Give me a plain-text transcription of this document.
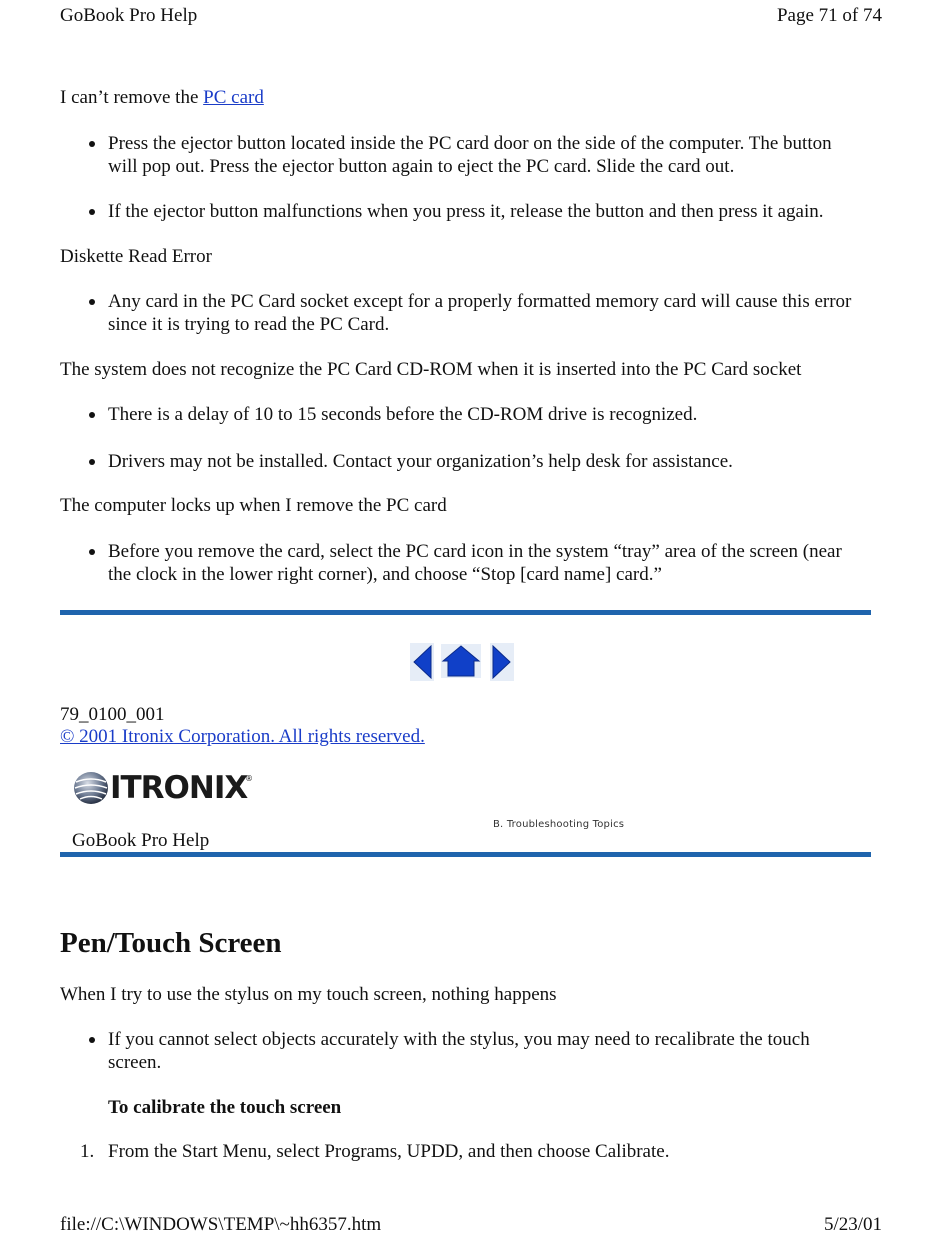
GoBook Pro Help	Page 71 of 74
I can’t remove the PC card
Press the ejector button located inside the PC card door on the side of the computer. The button
will pop out. Press the ejector button again to eject the PC card. Slide the card out.
If the ejector button malfunctions when you press it, release the button and then press it again.
Diskette Read Error
Any card in the PC Card socket except for a properly formatted memory card will cause this error
since it is trying to read the PC Card.
The system does not recognize the PC Card CD-ROM when it is inserted into the PC Card socket
There is a delay of 10 to 15 seconds before the CD-ROM drive is recognized.
Drivers may not be installed. Contact your organization’s help desk for assistance.
The computer locks up when I remove the PC card
Before you remove the card, select the PC card icon in the system “tray” area of the screen (near
the clock in the lower right corner), and choose “Stop [card name] card.”
79_0100_001
© 2001 Itronix Corporation. All rights reserved.
ITRONIX
®
B. Troubleshooting Topics
GoBook Pro Help
Pen/Touch Screen
When I try to use the stylus on my touch screen, nothing happens
If you cannot select objects accurately with the stylus, you may need to recalibrate the touch
screen.
To calibrate the touch screen
1. From the Start Menu, select Programs, UPDD, and then choose Calibrate.
file://C:\WINDOWS\TEMP\~hh6357.htm	5/23/01
